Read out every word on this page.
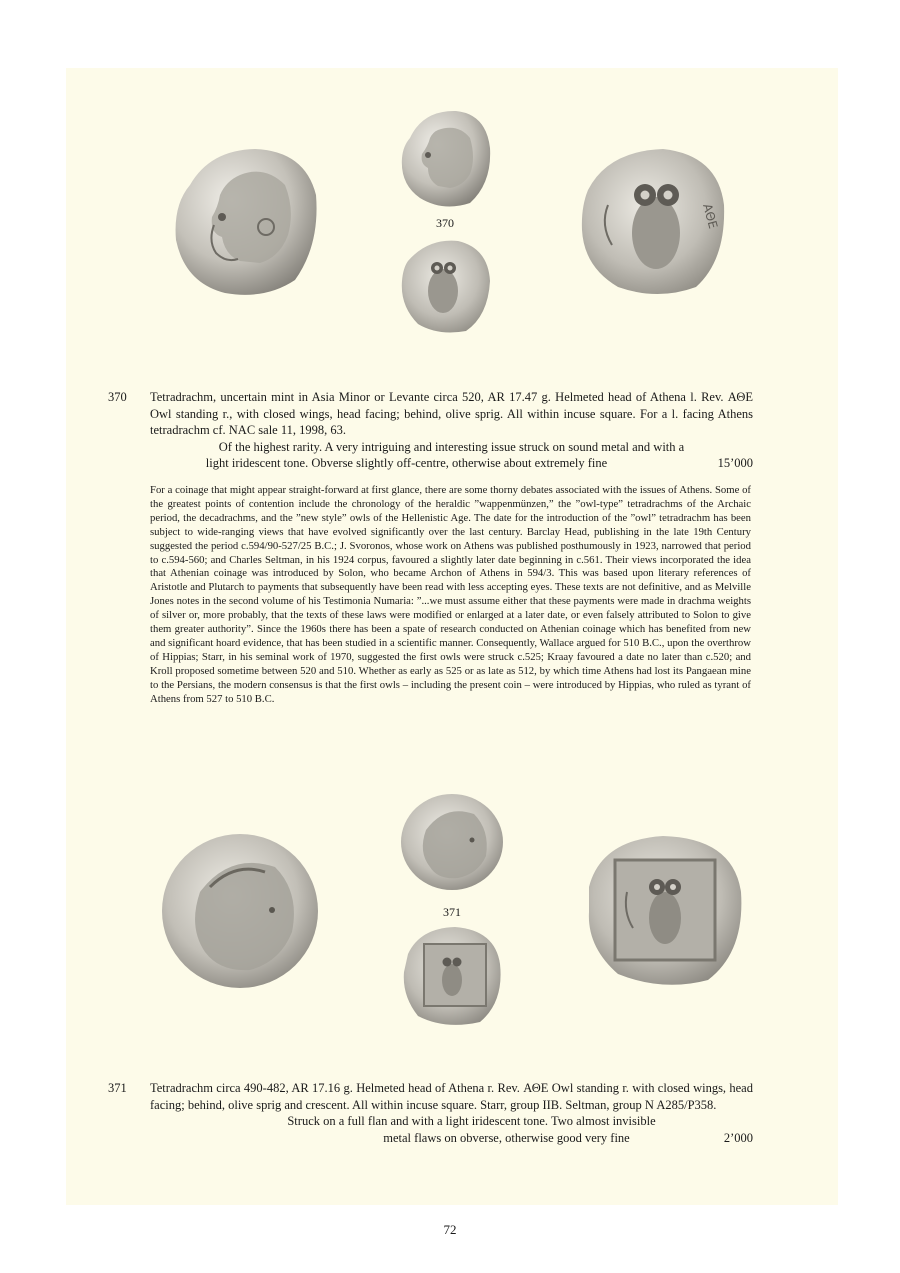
370	ΑΘΕ
370 Tetradrachm, uncertain mint in Asia Minor or Levante circa 520, AR 17.47 g. Helmeted head of Athena l. Rev. ΑΘΕ Owl standing r., with closed wings, head facing; behind, olive sprig. All within incuse square. For a l. facing Athens tetradrachm cf. NAC sale 11, 1998, 63.
Of the highest rarity. A very intriguing and interesting issue struck on sound metal and with a
light iridescent tone. Obverse slightly off-centre, otherwise about extremely fine	15’000
For a coinage that might appear straight-forward at first glance, there are some thorny debates associated with the issues of Athens. Some of the greatest points of contention include the chronology of the heraldic ”wappenmünzen,” the ”owl-type” tetradrachms of the Archaic period, the decadrachms, and the ”new style” owls of the Hellenistic Age. The date for the introduction of the ”owl” tetradrachm has been subject to wide-ranging views that have evolved significantly over the last century. Barclay Head, publishing in the late 19th Century suggested the period c.594/90-527/25 B.C.; J. Svoronos, whose work on Athens was published posthumously in 1923, narrowed that period to c.594-560; and Charles Seltman, in his 1924 corpus, favoured a slightly later date beginning in c.561. Their views incorporated the idea that Athenian coinage was introduced by Solon, who became Archon of Athens in 594/3. This was based upon literary references of Aristotle and Plutarch to payments that subsequently have been read with less accepting eyes. These texts are not definitive, and as Melville Jones notes in the second volume of his Testimonia Numaria: ”...we must assume either that these payments were made in drachma weights of silver or, more probably, that the texts of these laws were modified or enlarged at a later date, or even falsely attributed to Solon to give them greater authority”. Since the 1960s there has been a spate of research conducted on Athenian coinage which has benefited from new and significant hoard evidence, that has been studied in a scientific manner. Consequently, Wallace argued for 510 B.C., upon the overthrow of Hippias; Starr, in his seminal work of 1970, suggested the first owls were struck c.525; Kraay favoured a date no later than c.520; and Kroll proposed sometime between 520 and 510. Whether as early as 525 or as late as 512, by which time Athens had lost its Pangaean mine to the Persians, the modern consensus is that the first owls – including the present coin – were introduced by Hippias, who ruled as tyrant of Athens from 527 to 510 B.C.
371
371 Tetradrachm circa 490-482, AR 17.16 g. Helmeted head of Athena r. Rev. ΑΘΕ Owl standing r. with closed wings, head facing; behind, olive sprig and crescent. All within incuse square. Starr, group IIB. Seltman, group N A285/P358.
Struck on a full flan and with a light iridescent tone. Two almost invisible
metal flaws on obverse, otherwise good very fine	2’000
72
